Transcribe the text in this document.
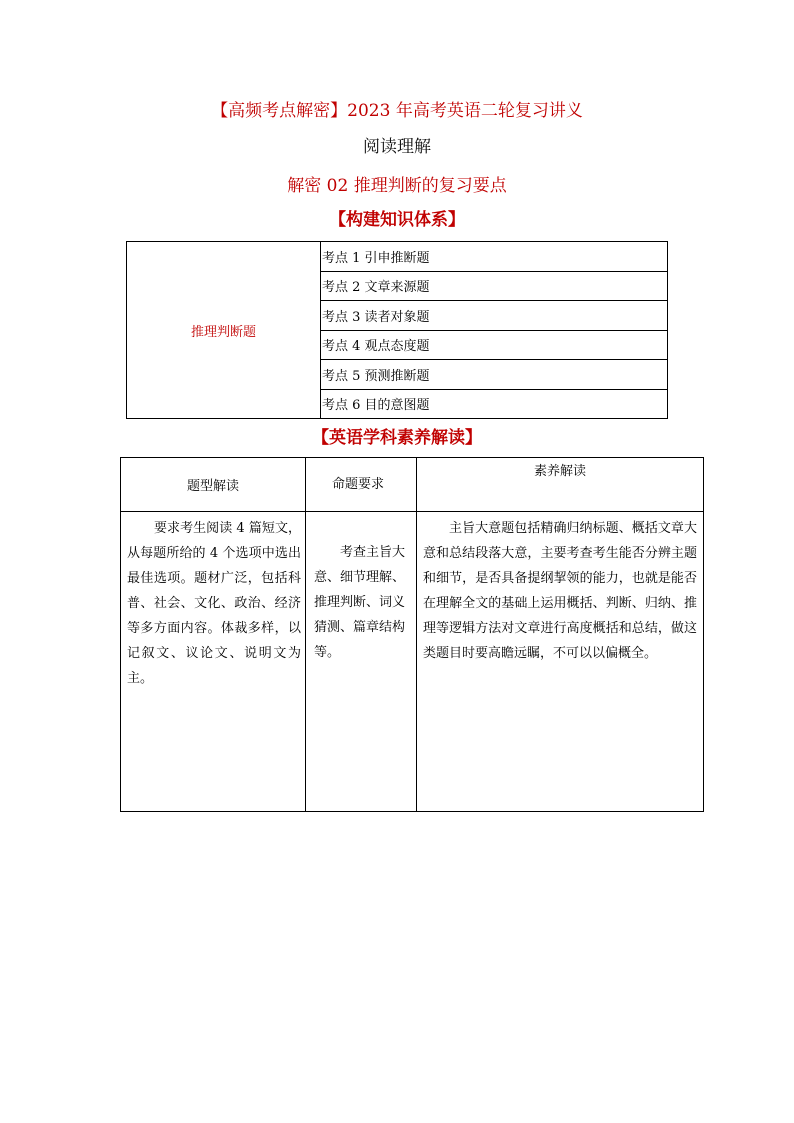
【高频考点解密】2023 年高考英语二轮复习讲义
阅读理解
解密 02 推理判断的复习要点
【构建知识体系】
推理判断题	考点 1 引申推断题
考点 2 文章来源题
考点 3 读者对象题
考点 4 观点态度题
考点 5 预测推断题
考点 6 目的意图题
【英语学科素养解读】
题型解读	命题要求	素养解读
要求考生阅读 4 篇短文，从每题所给的 4 个选项中选出最佳选项。题材广泛，包括科普、社会、文化、政治、经济等多方面内容。体裁多样，以记叙文、议论文、说明文为主。	考查主旨大意、细节理解、推理判断、词义猜测、篇章结构等。	主旨大意题包括精确归纳标题、概括文章大意和总结段落大意，主要考查考生能否分辨主题和细节，是否具备提纲挈领的能力，也就是能否在理解全文的基础上运用概括、判断、归纳、推理等逻辑方法对文章进行高度概括和总结，做这类题目时要高瞻远瞩，不可以以偏概全。
